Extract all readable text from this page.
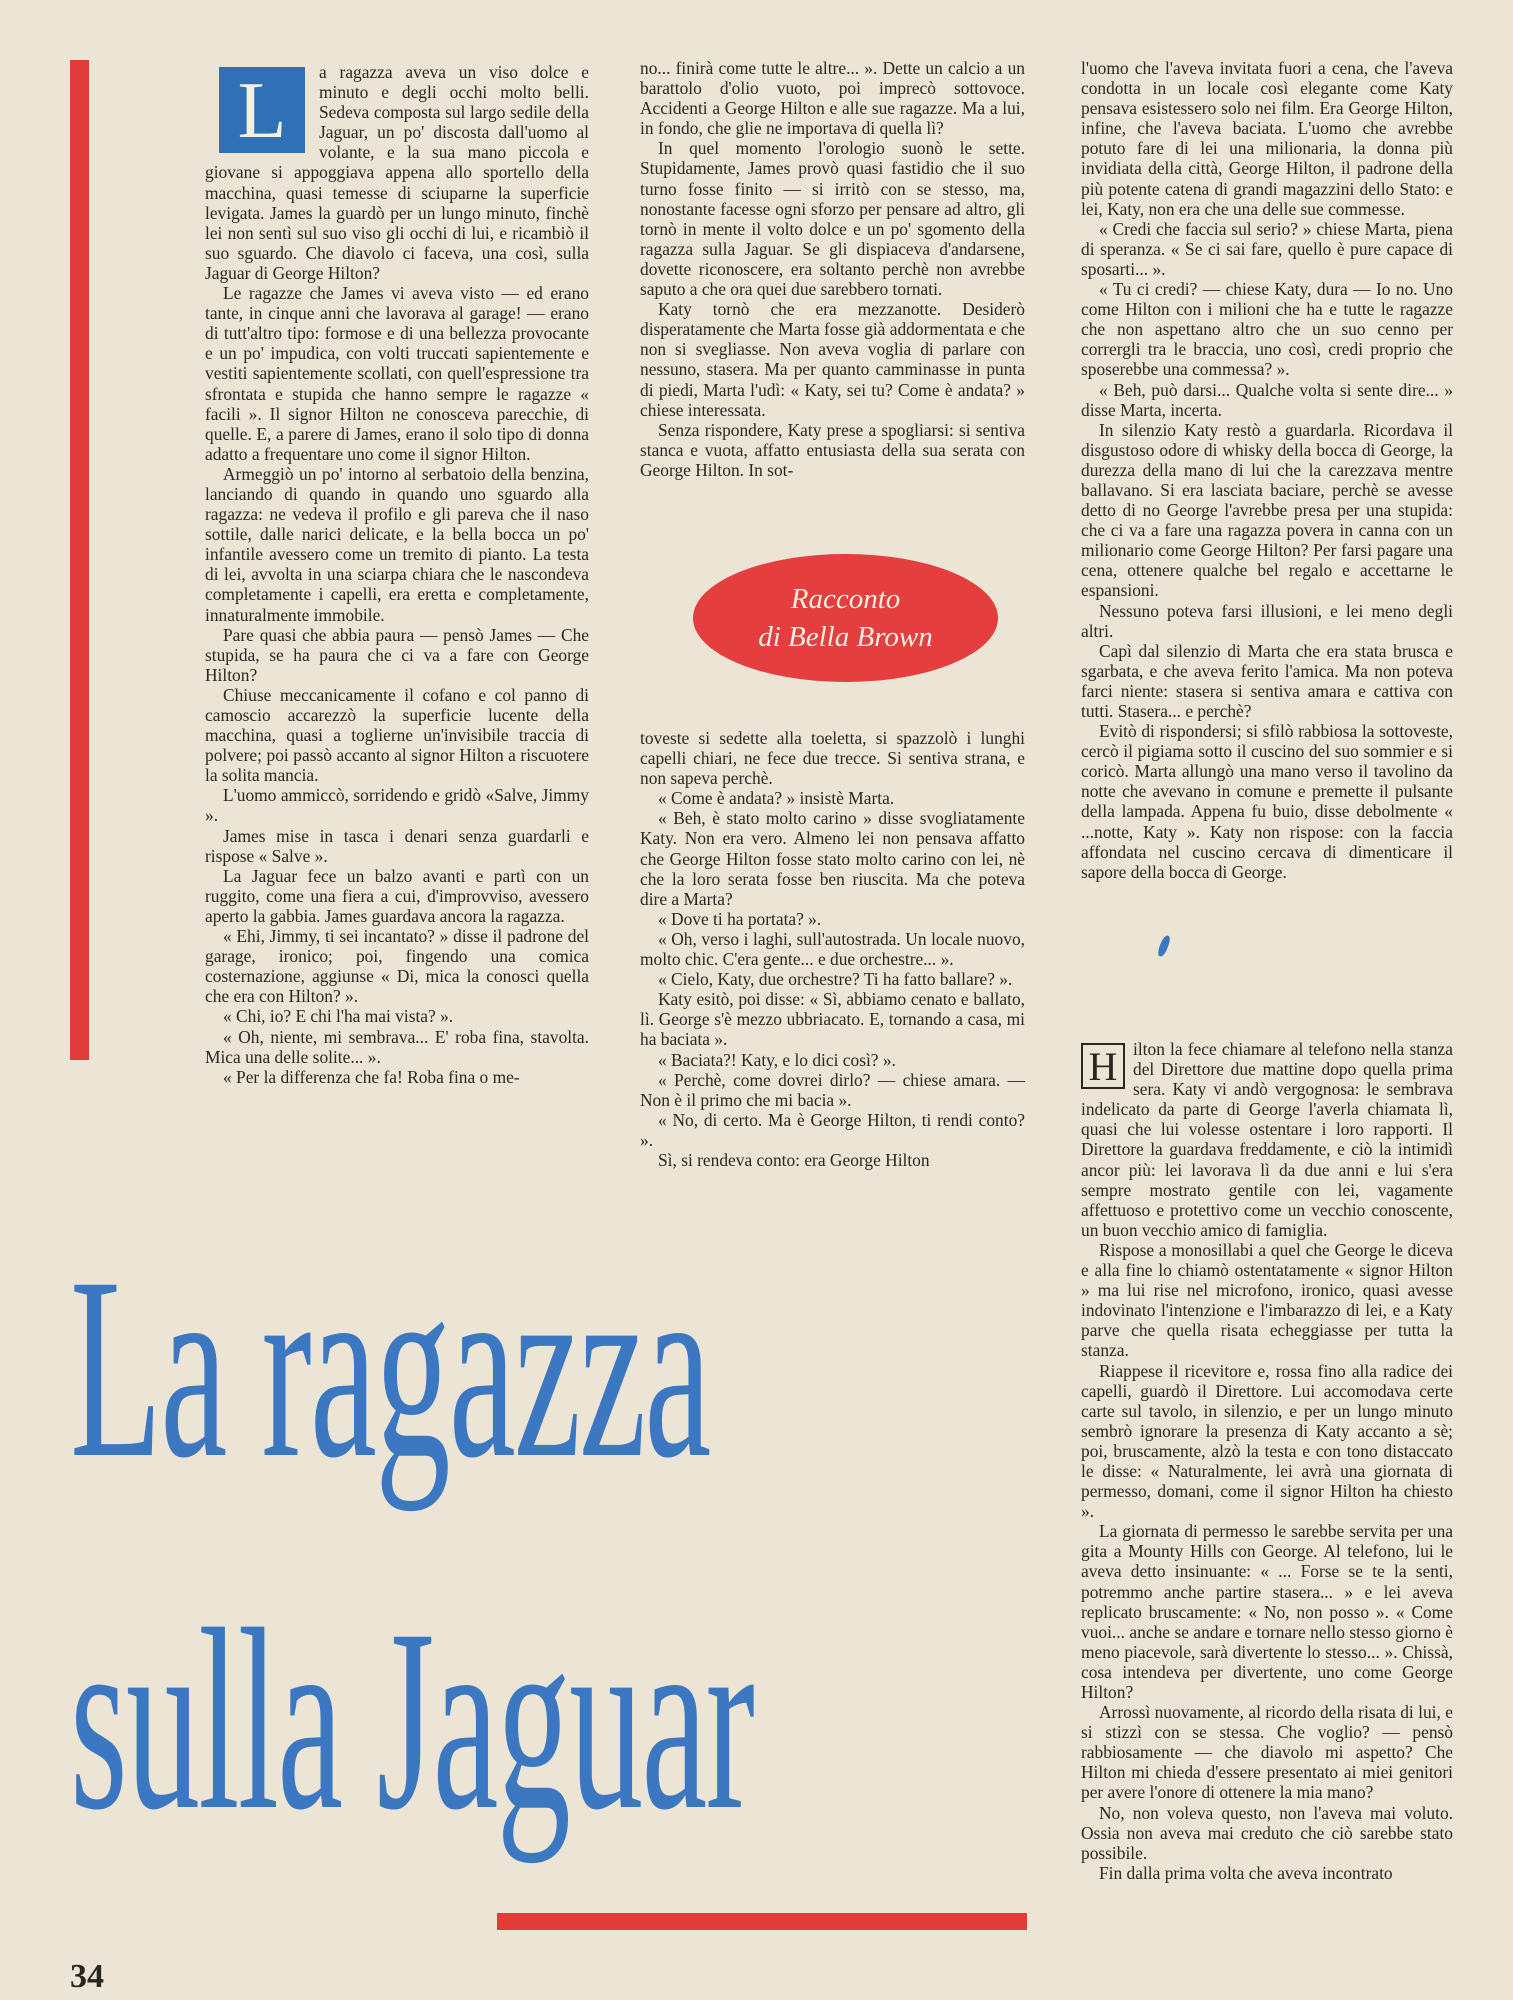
L	a ragazza aveva un viso dolce e minuto e degli occhi molto belli. Sedeva composta sul largo sedile della Jaguar, un po' discosta dall'uomo al volante, e la sua mano piccola e giovane si appoggiava appena allo sportello della macchina, quasi temesse di sciuparne la superficie levigata. James la guardò per un lungo minuto, finchè lei non sentì sul suo viso gli occhi di lui, e ricambiò il suo sguardo. Che diavolo ci faceva, una così, sulla Jaguar di George Hilton?

Le ragazze che James vi aveva visto — ed erano tante, in cinque anni che lavorava al garage! — erano di tutt'altro tipo: formose e di una bellezza provocante e un po' impudica, con volti truccati sapientemente e vestiti sapientemente scollati, con quell'espressione tra sfrontata e stupida che hanno sempre le ragazze « facili ». Il signor Hilton ne conosceva parecchie, di quelle. E, a parere di James, erano il solo tipo di donna adatto a frequentare uno come il signor Hilton.

Armeggiò un po' intorno al serbatoio della benzina, lanciando di quando in quando uno sguardo alla ragazza: ne vedeva il profilo e gli pareva che il naso sottile, dalle narici delicate, e la bella bocca un po' infantile avessero come un tremito di pianto. La testa di lei, avvolta in una sciarpa chiara che le nascondeva completamente i capelli, era eretta e completamente, innaturalmente immobile.

Pare quasi che abbia paura — pensò James — Che stupida, se ha paura che ci va a fare con George Hilton?

Chiuse meccanicamente il cofano e col panno di camoscio accarezzò la superficie lucente della macchina, quasi a toglierne un'invisibile traccia di polvere; poi passò accanto al signor Hilton a riscuotere la solita mancia.

L'uomo ammiccò, sorridendo e gridò «Salve, Jimmy ».

James mise in tasca i denari senza guardarli e rispose « Salve ».

La Jaguar fece un balzo avanti e partì con un ruggito, come una fiera a cui, d'improvviso, avessero aperto la gabbia. James guardava ancora la ragazza.

« Ehi, Jimmy, ti sei incantato? » disse il padrone del garage, ironico; poi, fingendo una comica costernazione, aggiunse « Di, mica la conosci quella che era con Hilton? ».

« Chi, io? E chi l'ha mai vista? ».

« Oh, niente, mi sembrava... E' roba fina, stavolta. Mica una delle solite... ».

« Per la differenza che fa! Roba fina o me-

no... finirà come tutte le altre... ». Dette un calcio a un barattolo d'olio vuoto, poi imprecò sottovoce. Accidenti a George Hilton e alle sue ragazze. Ma a lui, in fondo, che glie ne importava di quella lì?

In quel momento l'orologio suonò le sette. Stupidamente, James provò quasi fastidio che il suo turno fosse finito — si irritò con se stesso, ma, nonostante facesse ogni sforzo per pensare ad altro, gli tornò in mente il volto dolce e un po' sgomento della ragazza sulla Jaguar. Se gli dispiaceva d'andarsene, dovette riconoscere, era soltanto perchè non avrebbe saputo a che ora quei due sarebbero tornati.

Katy tornò che era mezzanotte. Desiderò disperatamente che Marta fosse già addormentata e che non si svegliasse. Non aveva voglia di parlare con nessuno, stasera. Ma per quanto camminasse in punta di piedi, Marta l'udì: « Katy, sei tu? Come è andata? » chiese interessata.

Senza rispondere, Katy prese a spogliarsi: si sentiva stanca e vuota, affatto entusiasta della sua serata con George Hilton. In sot-

Racconto
di Bella Brown

toveste si sedette alla toeletta, si spazzolò i lunghi capelli chiari, ne fece due trecce. Si sentiva strana, e non sapeva perchè.

« Come è andata? » insistè Marta.

« Beh, è stato molto carino » disse svogliatamente Katy. Non era vero. Almeno lei non pensava affatto che George Hilton fosse stato molto carino con lei, nè che la loro serata fosse ben riuscita. Ma che poteva dire a Marta?

« Dove ti ha portata? ».

« Oh, verso i laghi, sull'autostrada. Un locale nuovo, molto chic. C'era gente... e due orchestre... ».

« Cielo, Katy, due orchestre? Ti ha fatto ballare? ».

Katy esitò, poi disse: « Sì, abbiamo cenato e ballato, lì. George s'è mezzo ubbriacato. E, tornando a casa, mi ha baciata ».

« Baciata?! Katy, e lo dici così? ».

« Perchè, come dovrei dirlo? — chiese amara. — Non è il primo che mi bacia ».

« No, di certo. Ma è George Hilton, ti rendi conto? ».

Sì, si rendeva conto: era George Hilton

l'uomo che l'aveva invitata fuori a cena, che l'aveva condotta in un locale così elegante come Katy pensava esistessero solo nei film. Era George Hilton, infine, che l'aveva baciata. L'uomo che avrebbe potuto fare di lei una milionaria, la donna più invidiata della città, George Hilton, il padrone della più potente catena di grandi magazzini dello Stato: e lei, Katy, non era che una delle sue commesse.

« Credi che faccia sul serio? » chiese Marta, piena di speranza. « Se ci sai fare, quello è pure capace di sposarti... ».

« Tu ci credi? — chiese Katy, dura — Io no. Uno come Hilton con i milioni che ha e tutte le ragazze che non aspettano altro che un suo cenno per corrergli tra le braccia, uno così, credi proprio che sposerebbe una commessa? ».

« Beh, può darsi... Qualche volta si sente dire... » disse Marta, incerta.

In silenzio Katy restò a guardarla. Ricordava il disgustoso odore di whisky della bocca di George, la durezza della mano di lui che la carezzava mentre ballavano. Si era lasciata baciare, perchè se avesse detto di no George l'avrebbe presa per una stupida: che ci va a fare una ragazza povera in canna con un milionario come George Hilton? Per farsi pagare una cena, ottenere qualche bel regalo e accettarne le espansioni.

Nessuno poteva farsi illusioni, e lei meno degli altri.

Capì dal silenzio di Marta che era stata brusca e sgarbata, e che aveva ferito l'amica. Ma non poteva farci niente: stasera si sentiva amara e cattiva con tutti. Stasera... e perchè?

Evitò di rispondersi; si sfilò rabbiosa la sottoveste, cercò il pigiama sotto il cuscino del suo sommier e si coricò. Marta allungò una mano verso il tavolino da notte che avevano in comune e premette il pulsante della lampada. Appena fu buio, disse debolmente « ...notte, Katy ». Katy non rispose: con la faccia affondata nel cuscino cercava di dimenticare il sapore della bocca di George.

H ilton la fece chiamare al telefono nella stanza del Direttore due mattine dopo quella prima sera. Katy vi andò vergognosa: le sembrava indelicato da parte di George l'averla chiamata lì, quasi che lui volesse ostentare i loro rapporti. Il Direttore la guardava freddamente, e ciò la intimidì ancor più: lei lavorava lì da due anni e lui s'era sempre mostrato gentile con lei, vagamente affettuoso e protettivo come un vecchio conoscente, un buon vecchio amico di famiglia.

Rispose a monosillabi a quel che George le diceva e alla fine lo chiamò ostentatamente « signor Hilton » ma lui rise nel microfono, ironico, quasi avesse indovinato l'intenzione e l'imbarazzo di lei, e a Katy parve che quella risata echeggiasse per tutta la stanza.

Riappese il ricevitore e, rossa fino alla radice dei capelli, guardò il Direttore. Lui accomodava certe carte sul tavolo, in silenzio, e per un lungo minuto sembrò ignorare la presenza di Katy accanto a sè; poi, bruscamente, alzò la testa e con tono distaccato le disse: « Naturalmente, lei avrà una giornata di permesso, domani, come il signor Hilton ha chiesto ».

La giornata di permesso le sarebbe servita per una gita a Mounty Hills con George. Al telefono, lui le aveva detto insinuante: « ... Forse se te la senti, potremmo anche partire stasera... » e lei aveva replicato bruscamente: « No, non posso ». « Come vuoi... anche se andare e tornare nello stesso giorno è meno piacevole, sarà divertente lo stesso... ». Chissà, cosa intendeva per divertente, uno come George Hilton?

Arrossì nuovamente, al ricordo della risata di lui, e si stizzì con se stessa. Che voglio? — pensò rabbiosamente — che diavolo mi aspetto? Che Hilton mi chieda d'essere presentato ai miei genitori per avere l'onore di ottenere la mia mano?

No, non voleva questo, non l'aveva mai voluto. Ossia non aveva mai creduto che ciò sarebbe stato possibile.

Fin dalla prima volta che aveva incontrato

La ragazza
sulla Jaguar
34
